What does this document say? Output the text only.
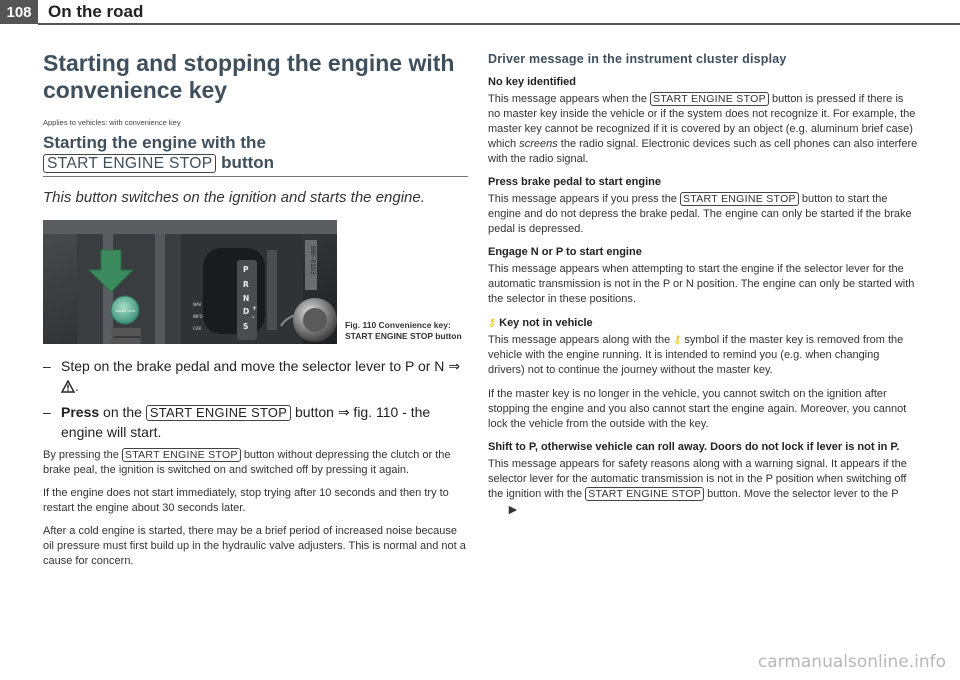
108 On the road
Starting and stopping the engine with convenience key
Applies to vehicles: with convenience key
Starting the engine with the
START ENGINE STOP button
This button switches on the ignition and starts the engine.
B8F-0103
P
R
N
D
S
+
-
NAV
INFO
CAR
ENGINE STOP
Fig. 110 Convenience key: START ENGINE STOP button
– Step on the brake pedal and move the selector lever to P or N ⇒ .
– Press on the START ENGINE STOP button ⇒ fig. 110 - the engine will start.

By pressing the START ENGINE STOP button without depressing the clutch or the brake peal, the ignition is switched on and switched off by pressing it again.

If the engine does not start immediately, stop trying after 10 seconds and then try to restart the engine about 30 seconds later.

After a cold engine is started, there may be a brief period of increased noise because oil pressure must first build up in the hydraulic valve adjusters. This is normal and not a cause for concern.

Driver message in the instrument cluster display
No key identified
This message appears when the START ENGINE STOP button is pressed if there is no master key inside the vehicle or if the system does not recognize it. For example, the master key cannot be recognized if it is covered by an object (e.g. aluminum brief case) which screens the radio signal. Electronic devices such as cell phones can also interfere with the radio signal.
Press brake pedal to start engine
This message appears if you press the START ENGINE STOP button to start the engine and do not depress the brake pedal. The engine can only be started if the brake pedal is depressed.
Engage N or P to start engine
This message appears when attempting to start the engine if the selector lever for the automatic transmission is not in the P or N position. The engine can only be started with the selector in these positions.
⚷ Key not in vehicle
This message appears along with the ⚷ symbol if the master key is removed from the vehicle with the engine running. It is intended to remind you (e.g. when changing drivers) not to continue the journey without the master key.
If the master key is no longer in the vehicle, you cannot switch on the ignition after stopping the engine and you also cannot start the engine again. Moreover, you cannot lock the vehicle from the outside with the key.
Shift to P, otherwise vehicle can roll away. Doors do not lock if lever is not in P.
This message appears for safety reasons along with a warning signal. It appears if the selector lever for the automatic transmission is not in the P position when switching off the ignition with the START ENGINE STOP button. Move the selector lever to the P ►
carmanualsonline.info
